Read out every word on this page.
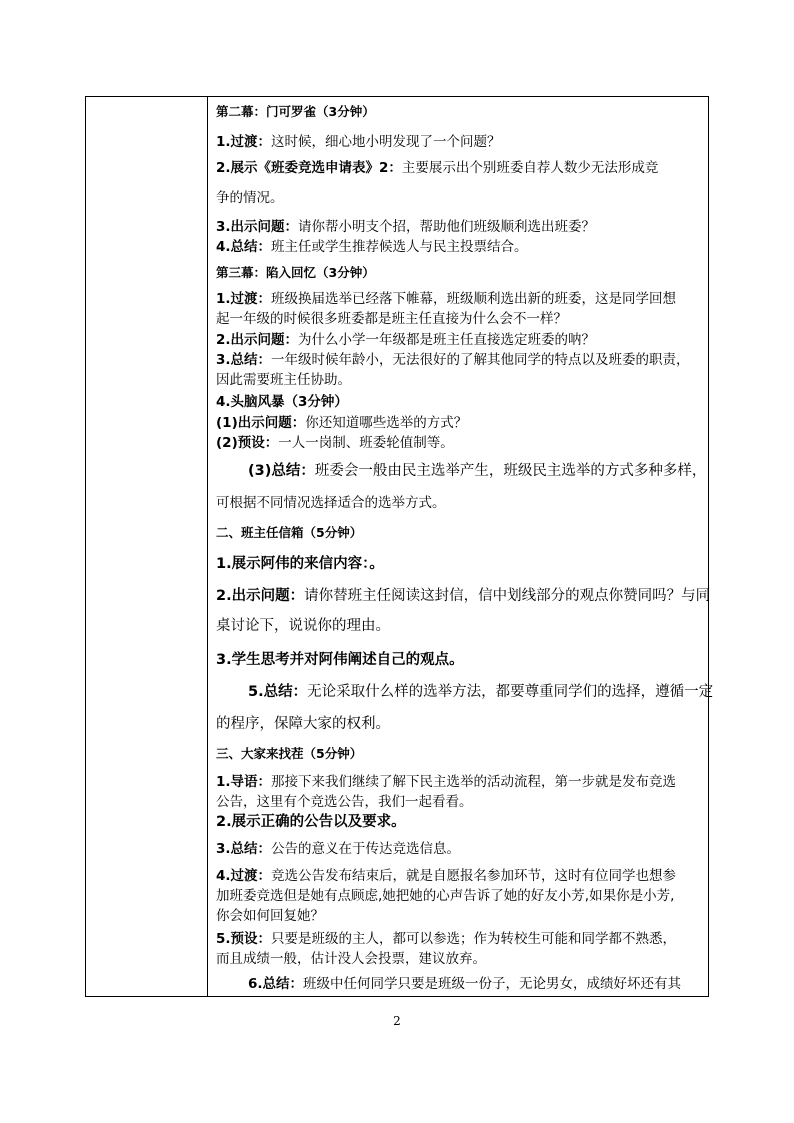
第二幕：门可罗雀（3分钟）
1.过渡：这时候，细心地小明发现了一个问题？
2.展示《班委竞选申请表》2：主要展示出个别班委自荐人数少无法形成竞
争的情况。
3.出示问题：请你帮小明支个招，帮助他们班级顺利选出班委？
4.总结：班主任或学生推荐候选人与民主投票结合。
第三幕：陷入回忆（3分钟）
1.过渡：班级换届选举已经落下帷幕，班级顺利选出新的班委，这是同学回想
起一年级的时候很多班委都是班主任直接为什么会不一样？
2.出示问题：为什么小学一年级都是班主任直接选定班委的呐？
3.总结：一年级时候年龄小，无法很好的了解其他同学的特点以及班委的职责，
因此需要班主任协助。
4.头脑风暴（3分钟）
(1)出示问题：你还知道哪些选举的方式？
(2)预设：一人一岗制、班委轮值制等。
(3)总结：班委会一般由民主选举产生，班级民主选举的方式多种多样，
可根据不同情况选择适合的选举方式。
二、班主任信箱（5分钟）
1.展示阿伟的来信内容：。
2.出示问题：请你替班主任阅读这封信，信中划线部分的观点你赞同吗？与同
桌讨论下，说说你的理由。
3.学生思考并对阿伟阐述自己的观点。
5.总结：无论采取什么样的选举方法，都要尊重同学们的选择，遵循一定
的程序，保障大家的权利。
三、大家来找茬（5分钟）
1.导语：那接下来我们继续了解下民主选举的活动流程，第一步就是发布竞选
公告，这里有个竞选公告，我们一起看看。
2.展示正确的公告以及要求。
3.总结：公告的意义在于传达竞选信息。
4.过渡：竞选公告发布结束后，就是自愿报名参加环节，这时有位同学也想参
加班委竞选但是她有点顾虑,她把她的心声告诉了她的好友小芳,如果你是小芳,
你会如何回复她？
5.预设：只要是班级的主人，都可以参选；作为转校生可能和同学都不熟悉，
而且成绩一般，估计没人会投票，建议放弃。
6.总结：班级中任何同学只要是班级一份子，无论男女，成绩好坏还有其
2
